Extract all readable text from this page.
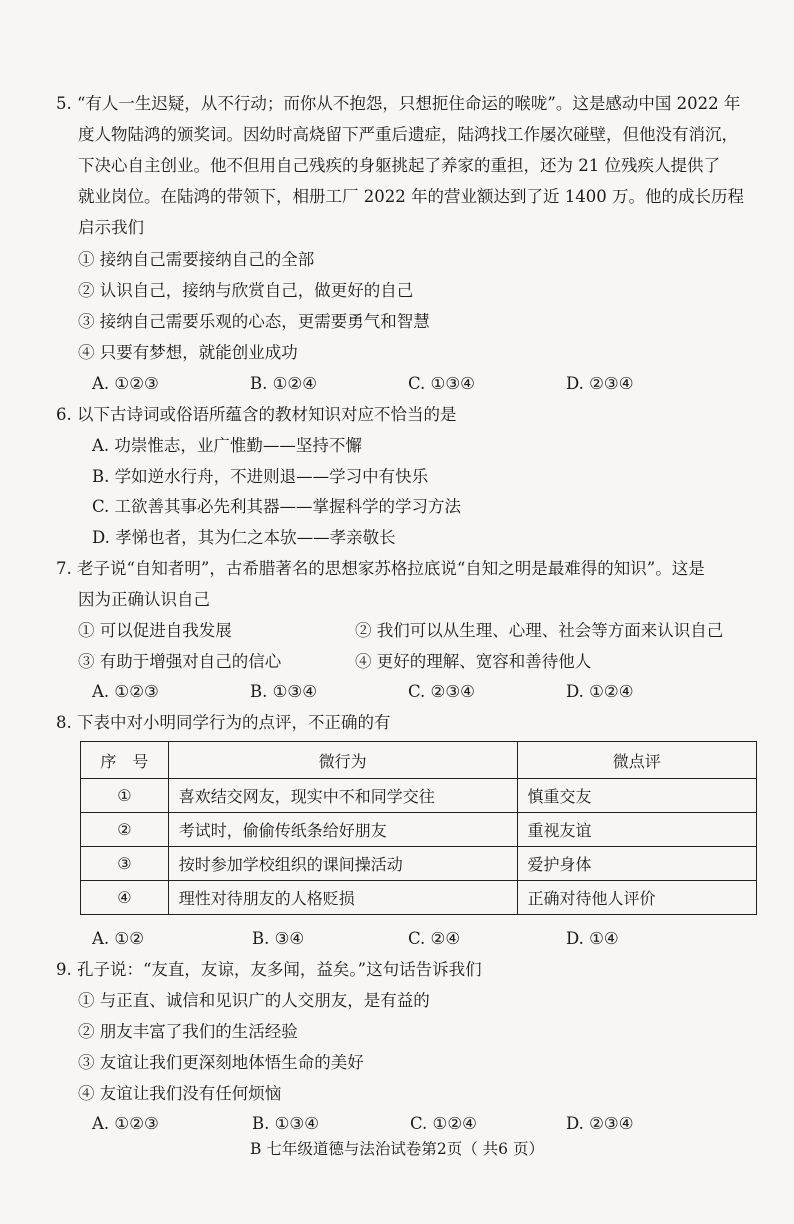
5. “有人一生迟疑，从不行动；而你从不抱怨，只想扼住命运的喉咙”。这是感动中国 2022 年
度人物陆鸿的颁奖词。因幼时高烧留下严重后遗症，陆鸿找工作屡次碰壁，但他没有消沉，
下决心自主创业。他不但用自己残疾的身躯挑起了养家的重担，还为 21 位残疾人提供了
就业岗位。在陆鸿的带领下，相册工厂 2022 年的营业额达到了近 1400 万。他的成长历程
启示我们
① 接纳自己需要接纳自己的全部
② 认识自己，接纳与欣赏自己，做更好的自己
③ 接纳自己需要乐观的心态，更需要勇气和智慧
④ 只要有梦想，就能创业成功
A. ①②③	B. ①②④	C. ①③④	D. ②③④
6. 以下古诗词或俗语所蕴含的教材知识对应不恰当的是
A. 功崇惟志，业广惟勤——坚持不懈
B. 学如逆水行舟，不进则退——学习中有快乐
C. 工欲善其事必先利其器——掌握科学的学习方法
D. 孝悌也者，其为仁之本欤——孝亲敬长
7. 老子说“自知者明”，古希腊著名的思想家苏格拉底说“自知之明是最难得的知识”。这是
因为正确认识自己
① 可以促进自我发展	② 我们可以从生理、心理、社会等方面来认识自己
③ 有助于增强对自己的信心	④ 更好的理解、宽容和善待他人
A. ①②③	B. ①③④	C. ②③④	D. ①②④
8. 下表中对小明同学行为的点评，不正确的有
序　号	微行为	微点评
①	喜欢结交网友，现实中不和同学交往	慎重交友
②	考试时，偷偷传纸条给好朋友	重视友谊
③	按时参加学校组织的课间操活动	爱护身体
④	理性对待朋友的人格贬损	正确对待他人评价
A. ①②	B. ③④	C. ②④	D. ①④
9. 孔子说：“友直，友谅，友多闻，益矣。”这句话告诉我们
① 与正直、诚信和见识广的人交朋友，是有益的
② 朋友丰富了我们的生活经验
③ 友谊让我们更深刻地体悟生命的美好
④ 友谊让我们没有任何烦恼
A. ①②③	B. ①③④	C. ①②④	D. ②③④
B 七年级道德与法治试卷第2页（ 共6 页）
